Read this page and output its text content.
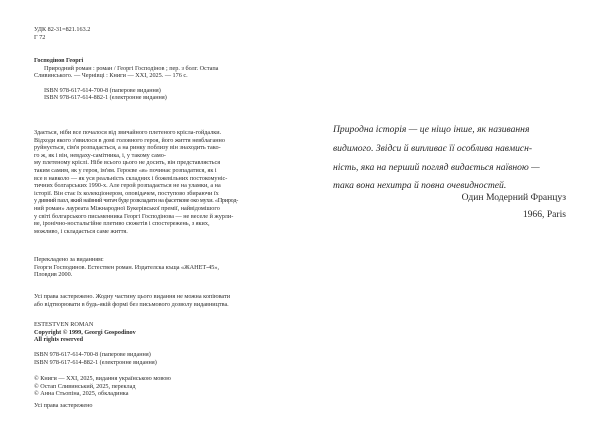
УДК 82-31=821.163.2
Г 72
Господінов Георгі
Природний роман : роман / Георгі Господінов ; пер. з болг. Остапа
Сливинського. — Чернівці : Книги — ХХІ, 2025. — 176 с.
ISBN 978-617-614-700-8 (паперове видання)
ISBN 978-617-614-882-1 (електронне видання)
Здається, ніби все почалося від звичайного плетеного крісла-гойдалки.
Відходи якого з'явилося в домі головного героя, його життя невблаганно
руйнується, сім'я розпадається, а на ринку поблизу він знаходить тако-
го ж, як і він, невдаху-самітника, і, у такому само-
му плетеному кріслі. Нібе всього цього не досить, він представляється
таким самим, як у героя, ім'ям. Героєве «я» починає розпадатися, як і
все в навколо — як уся реальність складних і божевільних постокомуніс-
тичних болгарських 1990-х. Але герой розпадається не на уламки, а на
історії. Він стає їх колекціонером, оповідачем, поступово збираючи їх
у дивний пазл, який наївний читач буде розкладати на фасеткове око мухи. «Природ-
ний роман» лауреата Міжнародної Букерівської премії, найвідомішого
у світі болгарського письменника Георгі Господінова — не веселе й журли-
ве, іронічно-ностальгійне плетиво сюжетів і спостережень, з яких,
можливо, і складається саме життя.
Перекладено за виданням:
Георги Господинов. Естествен роман. Издателска къща «ЖАНЕТ-45»,
Пловдив 2000.
Усі права застережено. Жодну частину цього видання не можна копіювати
або відтворювати в будь-якій формі без письмового дозволу видавництва.
ESTESTVEN ROMAN
Copyright © 1999, Georgi Gospodinov
All rights reserved
ISBN 978-617-614-700-8 (паперове видання)
ISBN 978-617-614-882-1 (електронне видання)
© Книги — ХХІ, 2025, видання українською мовою
© Остап Сливинський, 2025, переклад
© Анна Стьопіна, 2025, обкладинка
Усі права застережено
Природна історія — це ніщо інше, як називання
видимого. Звідси й випливає її особлива навмисн-
ність, яка на перший погляд видається наївною —
така вона нехитра й повна очевидностей.
Один Модерний Француз
1966, Paris
